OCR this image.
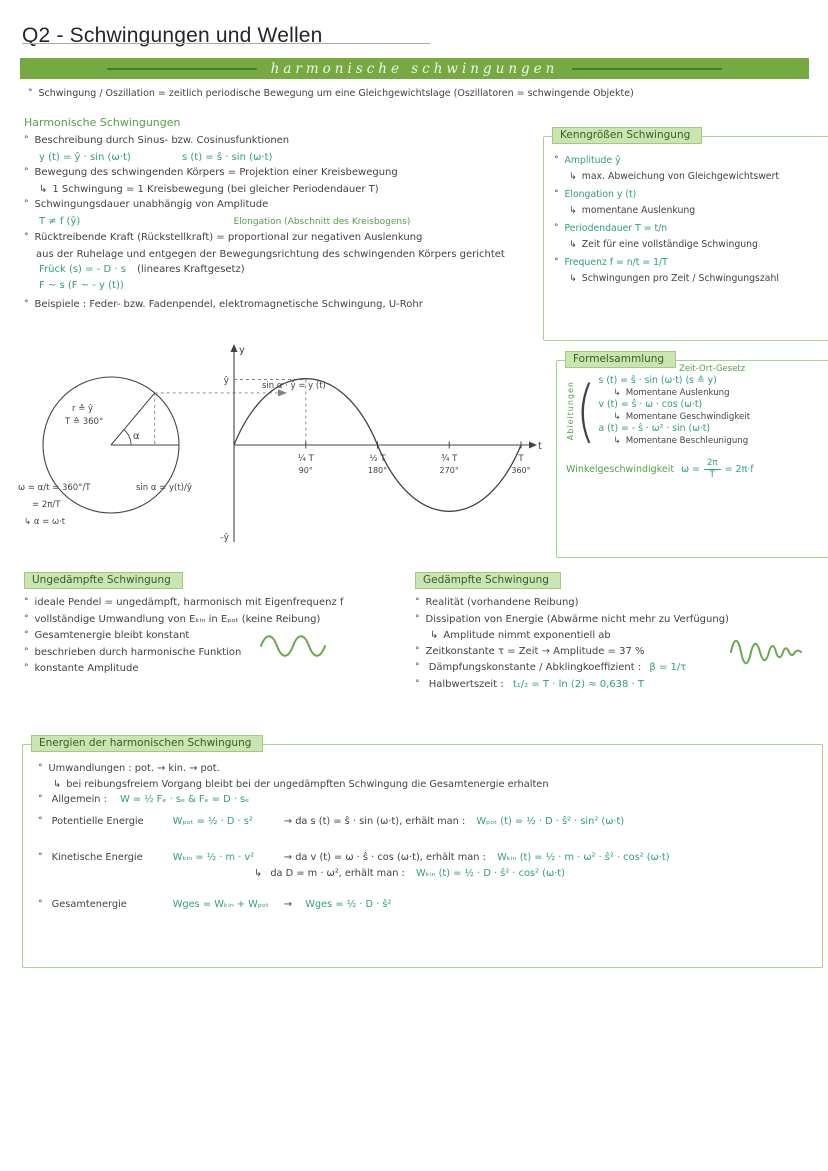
Q2 - Schwingungen und Wellen
harmonische schwingungen
° Schwingung / Oszillation = zeitlich periodische Bewegung um eine Gleichgewichtslage (Oszillatoren = schwingende Objekte)
Harmonische Schwingungen
° Beschreibung durch Sinus- bzw. Cosinusfunktionen
y (t) = ŷ · sin (ω·t)	s (t) = ŝ · sin (ω·t)
° Bewegung des schwingenden Körpers = Projektion einer Kreisbewegung
↳ 1 Schwingung = 1 Kreisbewegung (bei gleicher Periodendauer T)
° Schwingungsdauer unabhängig von Amplitude
T ≠ f (ŷ)	Elongation (Abschnitt des Kreisbogens)
° Rücktreibende Kraft (Rückstellkraft) = proportional zur negativen Auslenkung
aus der Ruhelage und entgegen der Bewegungsrichtung des schwingenden Körpers gerichtet
Frück (s) = - D · s (lineares Kraftgesetz)
F ~ s (F ~ - y (t))
° Beispiele : Feder- bzw. Fadenpendel, elektromagnetische Schwingung, U-Rohr
Kenngrößen Schwingung
° Amplitude ŷ
↳ max. Abweichung von Gleichgewichtswert
° Elongation y (t)
↳ momentane Auslenkung
° Periodendauer T = t/n
↳ Zeit für eine vollständige Schwingung
° Frequenz f = n/t = 1/T
↳ Schwingungen pro Zeit / Schwingungszahl
y
ŷ
-ŷ
r ≙ ŷ
T ≙ 360°
α
ω = α/t = 360°/T	sin α = y(t)/ŷ
= 2π/T
↳ α = ω·t
sin α · ŷ = y (t)
t
¼ T
90°
½ T
180°
¾ T
270°
T
360°
Formelsammlung
Zeit-Ort-Gesetz
Ableitungen ( s (t) = ŝ · sin (ω·t) (s ≙ y)
↳ Momentane Auslenkung
v (t) = ŝ · ω · cos (ω·t)
↳ Momentane Geschwindigkeit
a (t) = - ŝ · ω² · sin (ω·t)
↳ Momentane Beschleunigung
Winkelgeschwindigkeit $\omega = \frac{2\pi}{T} = 2\pi\cdot f$
Ungedämpfte Schwingung
° ideale Pendel = ungedämpft, harmonisch mit Eigenfrequenz f
° vollständige Umwandlung von Eₖᵢₙ in Eₚₒₜ (keine Reibung)
° Gesamtenergie bleibt konstant
° beschrieben durch harmonische Funktion
° konstante Amplitude
Gedämpfte Schwingung
° Realität (vorhandene Reibung)
° Dissipation von Energie (Abwärme nicht mehr zu Verfügung)
↳ Amplitude nimmt exponentiell ab
° Zeitkonstante τ = Zeit → Amplitude = 37 %
° Dämpfungskonstante / Abklingkoeffizient : β = 1/τ
° Halbwertszeit : t₁/₂ = T · ln (2) ≈ 0,638 · T
Energien der harmonischen Schwingung
° Umwandlungen : pot. → kin. → pot.
↳ bei reibungsfreiem Vorgang bleibt bei der ungedämpften Schwingung die Gesamtenergie erhalten
° Allgemein : W = ½ Fₑ · sₑ & Fₑ = D · sₑ
° Potentielle Energie	Wₚₒₜ = ½ · D · s²	→ da s (t) = ŝ · sin (ω·t), erhält man : Wₚₒₜ (t) = ½ · D · ŝ² · sin² (ω·t)
° Kinetische Energie	Wₖᵢₙ = ½ · m · v²	→ da v (t) = ω · ŝ · cos (ω·t), erhält man : Wₖᵢₙ (t) = ½ · m · ω² · ŝ² · cos² (ω·t)
↳ da D = m · ω², erhält man : Wₖᵢₙ (t) = ½ · D · ŝ² · cos² (ω·t)
° Gesamtenergie	Wges = Wₖᵢₙ + Wₚₒₜ → Wges = ½ · D · ŝ²
